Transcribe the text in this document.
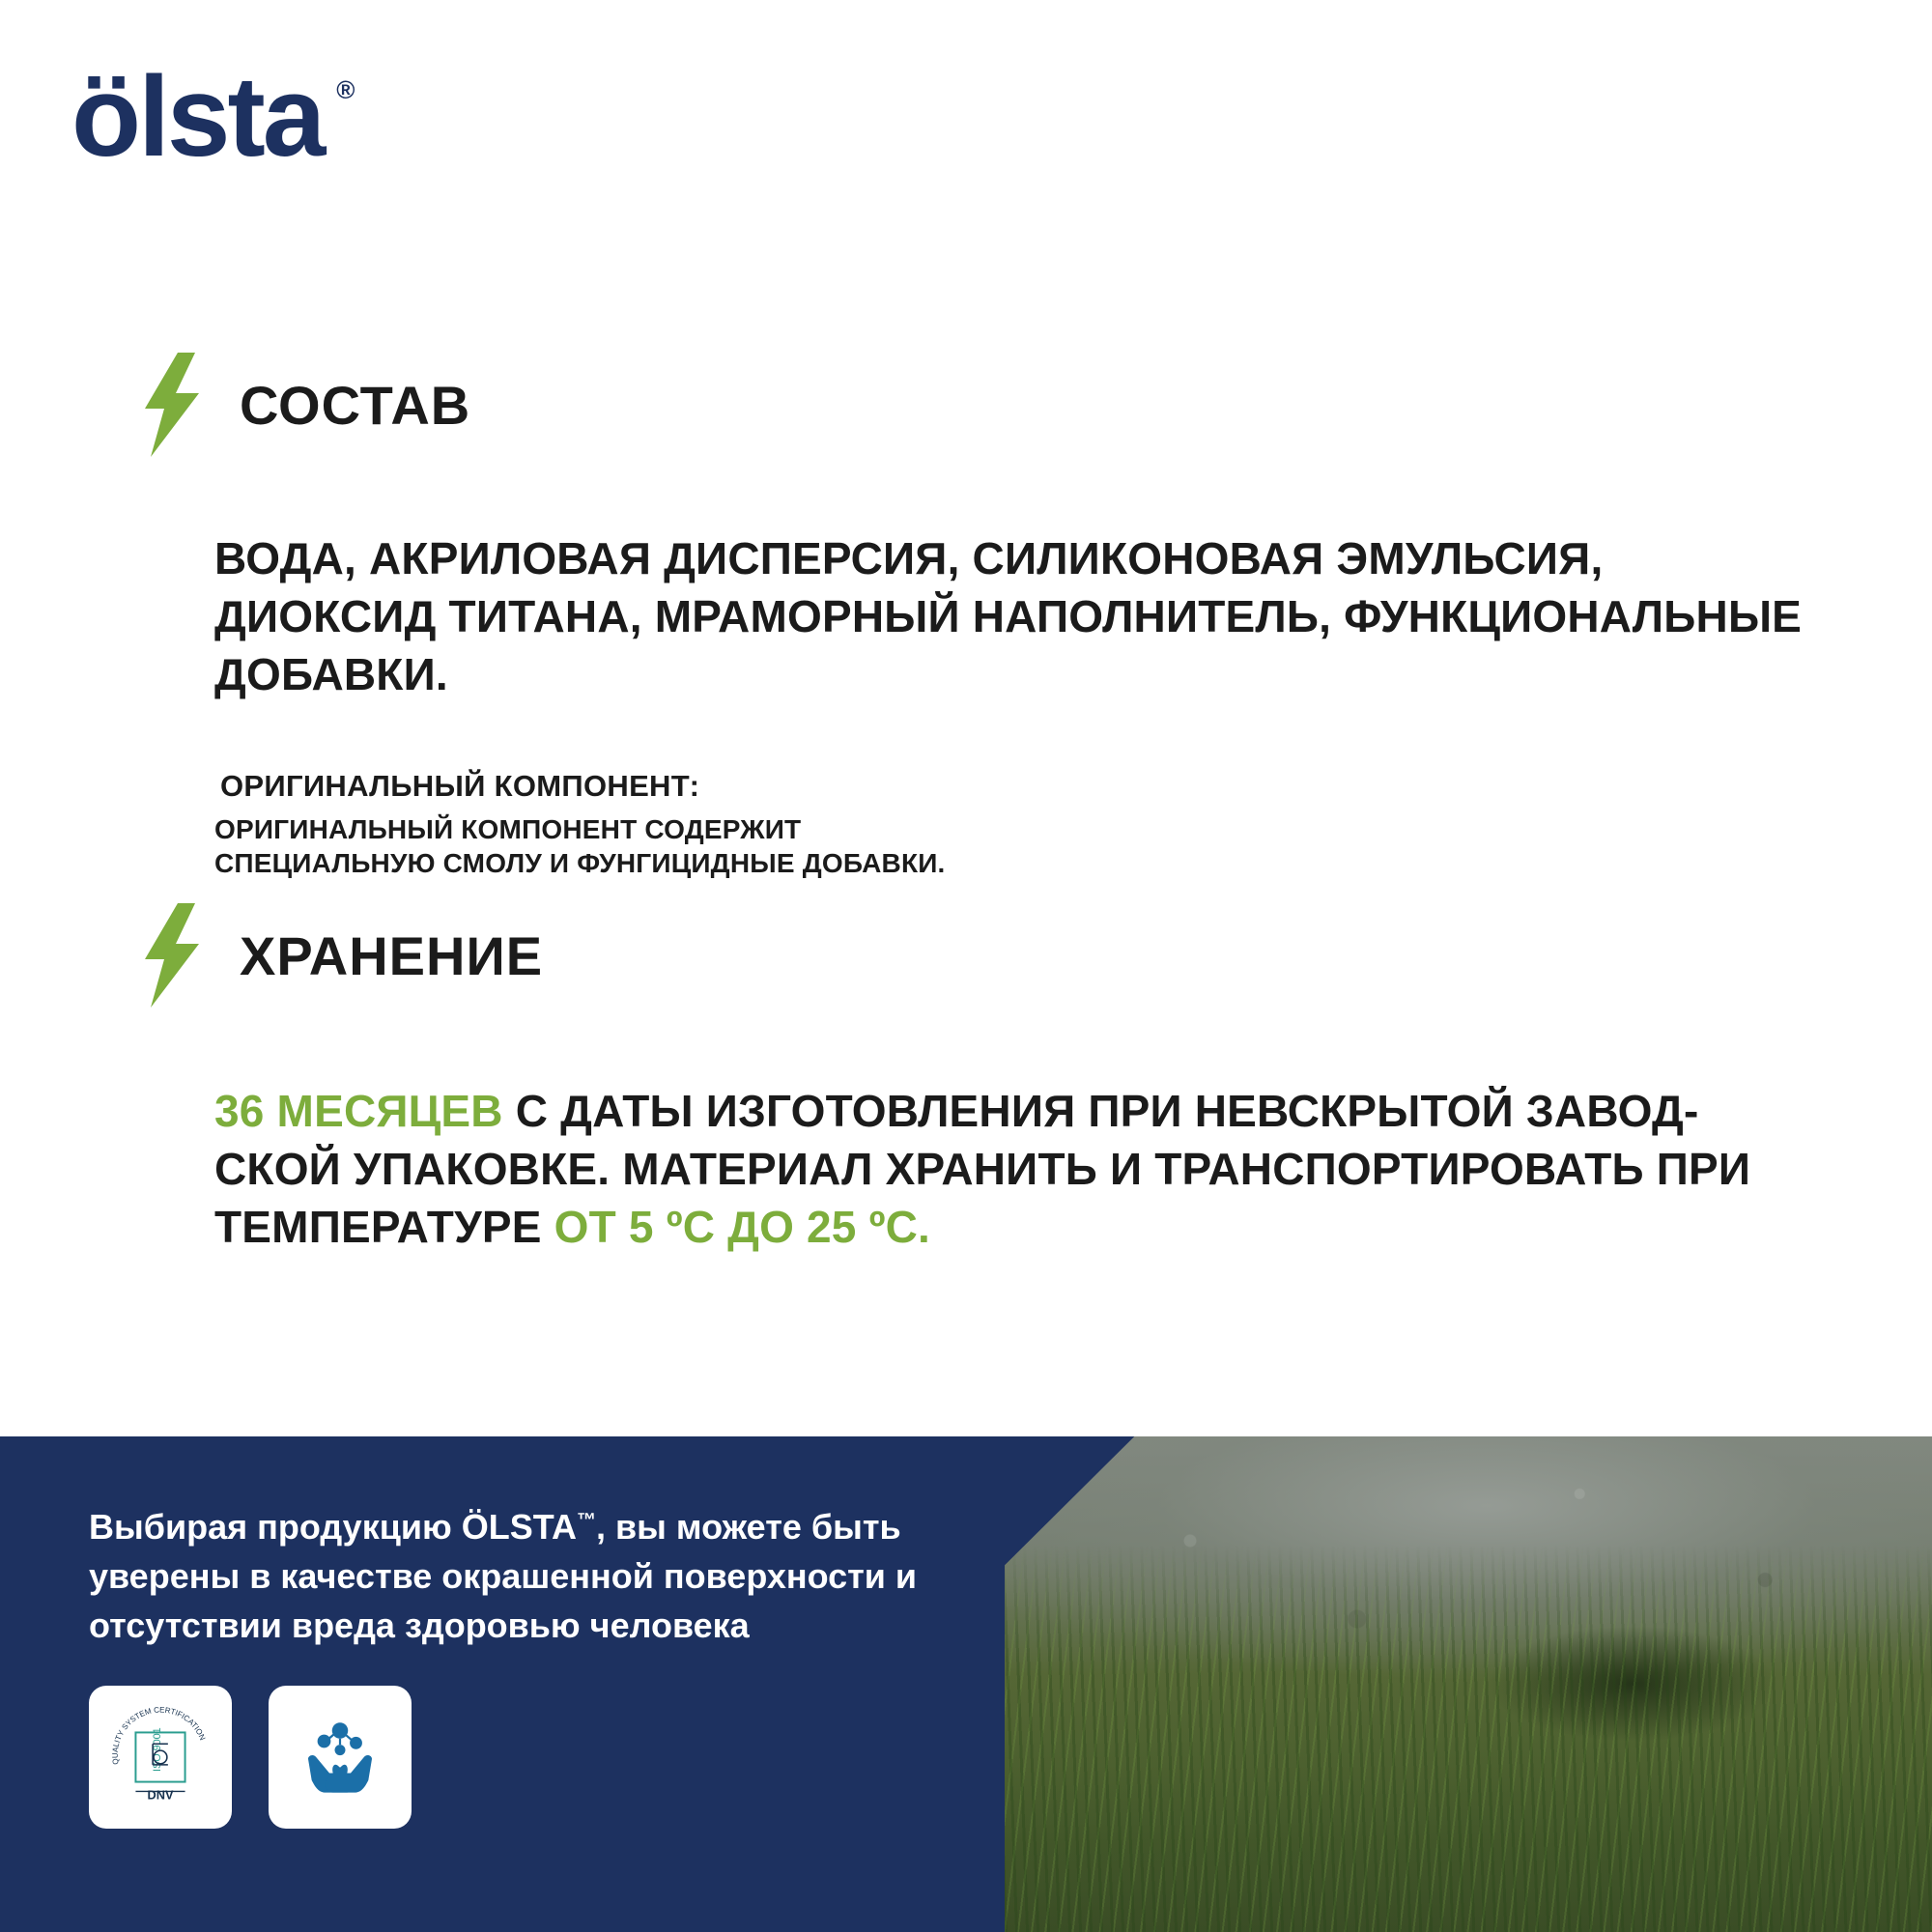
ölsta ®
СОСТАВ
ВОДА, АКРИЛОВАЯ ДИСПЕРСИЯ, СИЛИКОНОВАЯ ЭМУЛЬСИЯ, ДИОКСИД ТИТАНА, МРАМОРНЫЙ НАПОЛНИТЕЛЬ, ФУНКЦИОНАЛЬНЫЕ ДОБАВКИ.
ОРИГИНАЛЬНЫЙ КОМПОНЕНТ:
ОРИГИНАЛЬНЫЙ КОМПОНЕНТ СОДЕРЖИТ
СПЕЦИАЛЬНУЮ СМОЛУ И ФУНГИЦИДНЫЕ ДОБАВКИ.
ХРАНЕНИЕ
36 МЕСЯЦЕВ С ДАТЫ ИЗГОТОВЛЕНИЯ ПРИ НЕВСКРЫТОЙ ЗАВОД-СКОЙ УПАКОВКЕ. МАТЕРИАЛ ХРАНИТЬ И ТРАНСПОРТИРОВАТЬ ПРИ ТЕМПЕРАТУРЕ ОТ 5 ºС ДО 25 ºС.
Выбирая продукцию ÖLSTA™, вы можете быть уверены в качестве окрашенной поверхности и отсутствии вреда здоровью человека
QUALITY SYSTEM CERTIFICATION
ISO 9001
DNV
